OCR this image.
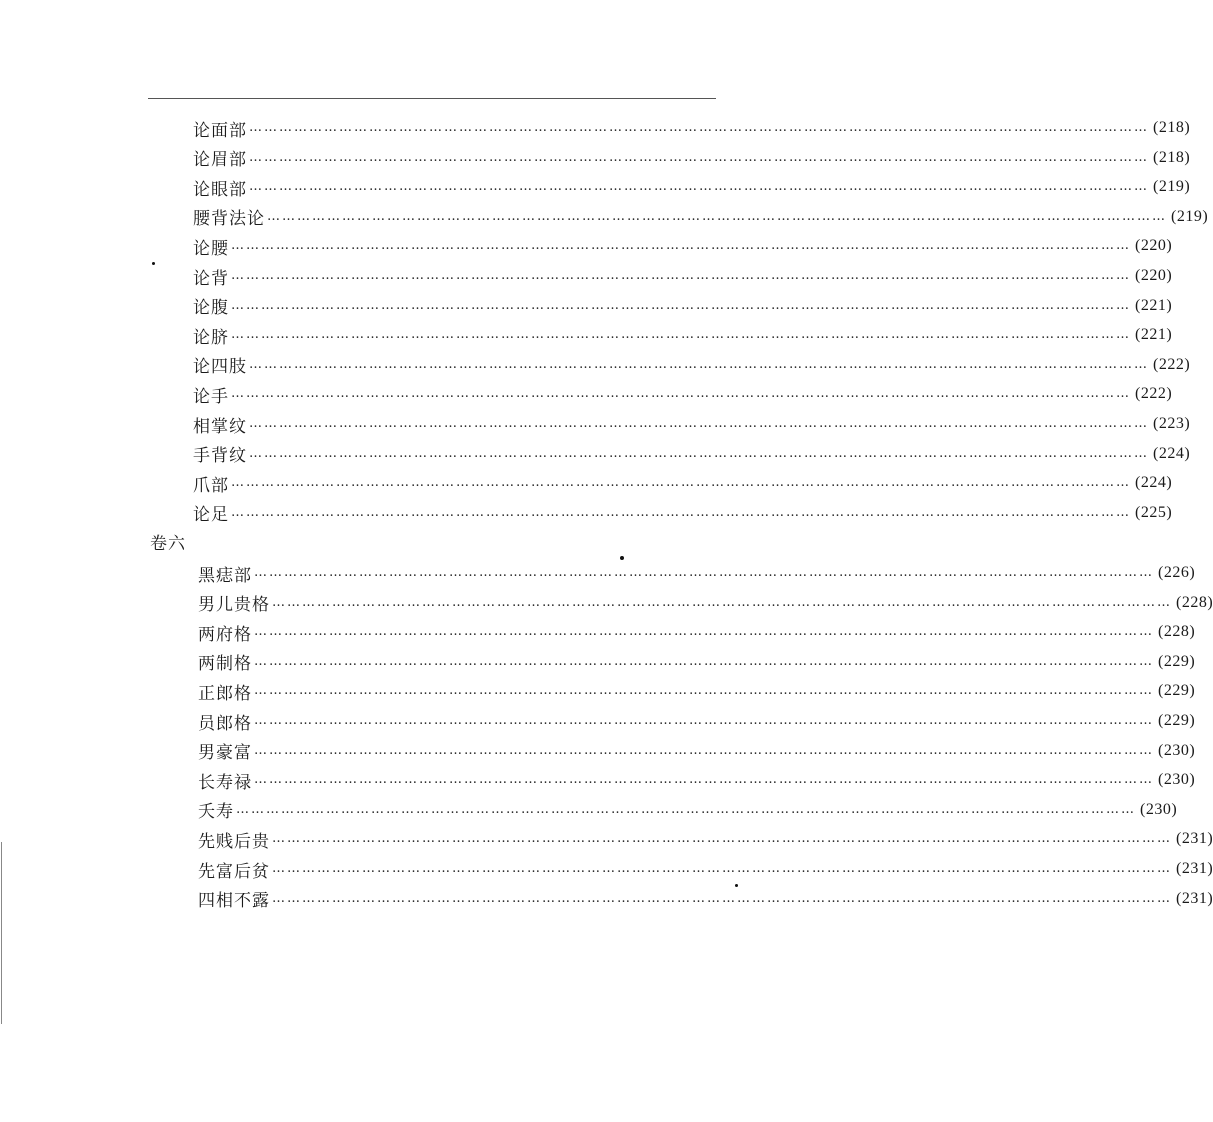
论面部 ……………………………………………………………………………………………………………………………………………………………… (218)
论眉部 ……………………………………………………………………………………………………………………………………………………………… (218)
论眼部 ……………………………………………………………………………………………………………………………………………………………… (219)
腰背法论 ……………………………………………………………………………………………………………………………………………………………… (219)
论腰 ……………………………………………………………………………………………………………………………………………………………… (220)
论背 ……………………………………………………………………………………………………………………………………………………………… (220)
论腹 ……………………………………………………………………………………………………………………………………………………………… (221)
论脐 ……………………………………………………………………………………………………………………………………………………………… (221)
论四肢 ……………………………………………………………………………………………………………………………………………………………… (222)
论手 ……………………………………………………………………………………………………………………………………………………………… (222)
相掌纹 ……………………………………………………………………………………………………………………………………………………………… (223)
手背纹 ……………………………………………………………………………………………………………………………………………………………… (224)
爪部 ……………………………………………………………………………………………………………………………………………………………… (224)
论足 ……………………………………………………………………………………………………………………………………………………………… (225)
卷六
黑痣部 ……………………………………………………………………………………………………………………………………………………………… (226)
男儿贵格 ……………………………………………………………………………………………………………………………………………………………… (228)
两府格 ……………………………………………………………………………………………………………………………………………………………… (228)
两制格 ……………………………………………………………………………………………………………………………………………………………… (229)
正郎格 ……………………………………………………………………………………………………………………………………………………………… (229)
员郎格 ……………………………………………………………………………………………………………………………………………………………… (229)
男豪富 ……………………………………………………………………………………………………………………………………………………………… (230)
长寿禄 ……………………………………………………………………………………………………………………………………………………………… (230)
夭寿 ……………………………………………………………………………………………………………………………………………………………… (230)
先贱后贵 ……………………………………………………………………………………………………………………………………………………………… (231)
先富后贫 ……………………………………………………………………………………………………………………………………………………………… (231)
四相不露 ……………………………………………………………………………………………………………………………………………………………… (231)
